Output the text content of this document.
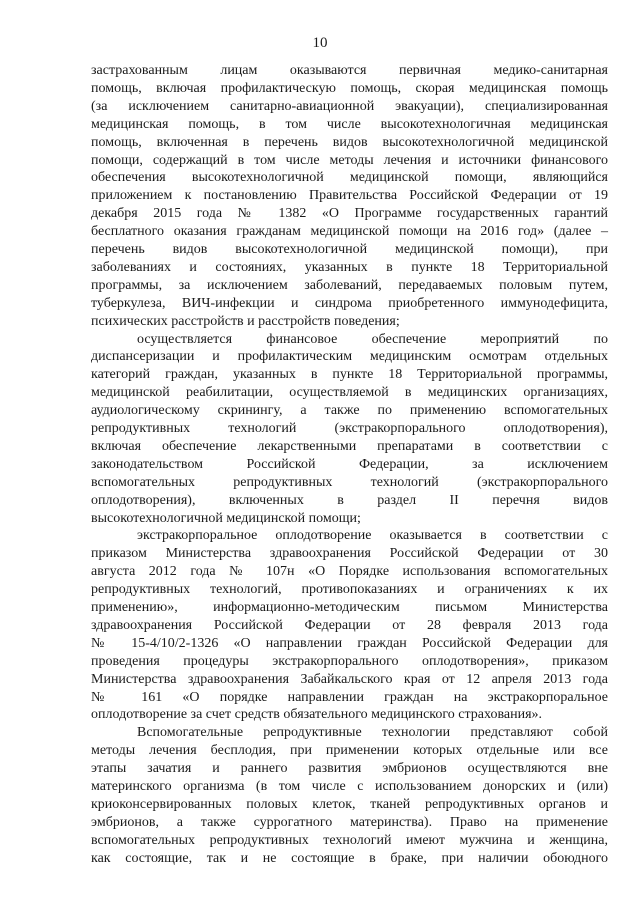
10
застрахованным лицам оказываются первичная медико-санитарная
помощь, включая профилактическую помощь, скорая медицинская помощь
(за исключением санитарно-авиационной эвакуации), специализированная
медицинская помощь, в том числе высокотехнологичная медицинская
помощь, включенная в перечень видов высокотехнологичной медицинской
помощи, содержащий в том числе методы лечения и источники финансового
обеспечения высокотехнологичной медицинской помощи, являющийся
приложением к постановлению Правительства Российской Федерации от 19
декабря 2015 года № 1382 «О Программе государственных гарантий
бесплатного оказания гражданам медицинской помощи на 2016 год» (далее –
перечень видов высокотехнологичной медицинской помощи), при
заболеваниях и состояниях, указанных в пункте 18 Территориальной
программы, за исключением заболеваний, передаваемых половым путем,
туберкулеза, ВИЧ-инфекции и синдрома приобретенного иммунодефицита,
психических расстройств и расстройств поведения;
осуществляется финансовое обеспечение мероприятий по
диспансеризации и профилактическим медицинским осмотрам отдельных
категорий граждан, указанных в пункте 18 Территориальной программы,
медицинской реабилитации, осуществляемой в медицинских организациях,
аудиологическому скринингу, а также по применению вспомогательных
репродуктивных технологий (экстракорпорального оплодотворения),
включая обеспечение лекарственными препаратами в соответствии с
законодательством Российской Федерации, за исключением
вспомогательных репродуктивных технологий (экстракорпорального
оплодотворения), включенных в раздел II перечня видов
высокотехнологичной медицинской помощи;
экстракорпоральное оплодотворение оказывается в соответствии с
приказом Министерства здравоохранения Российской Федерации от 30
августа 2012 года № 107н «О Порядке использования вспомогательных
репродуктивных технологий, противопоказаниях и ограничениях к их
применению», информационно-методическим письмом Министерства
здравоохранения Российской Федерации от 28 февраля 2013 года
№ 15-4/10/2-1326 «О направлении граждан Российской Федерации для
проведения процедуры экстракорпорального оплодотворения», приказом
Министерства здравоохранения Забайкальского края от 12 апреля 2013 года
№ 161 «О порядке направлении граждан на экстракорпоральное
оплодотворение за счет средств обязательного медицинского страхования».
Вспомогательные репродуктивные технологии представляют собой
методы лечения бесплодия, при применении которых отдельные или все
этапы зачатия и раннего развития эмбрионов осуществляются вне
материнского организма (в том числе с использованием донорских и (или)
криоконсервированных половых клеток, тканей репродуктивных органов и
эмбрионов, а также суррогатного материнства). Право на применение
вспомогательных репродуктивных технологий имеют мужчина и женщина,
как состоящие, так и не состоящие в браке, при наличии обоюдного
